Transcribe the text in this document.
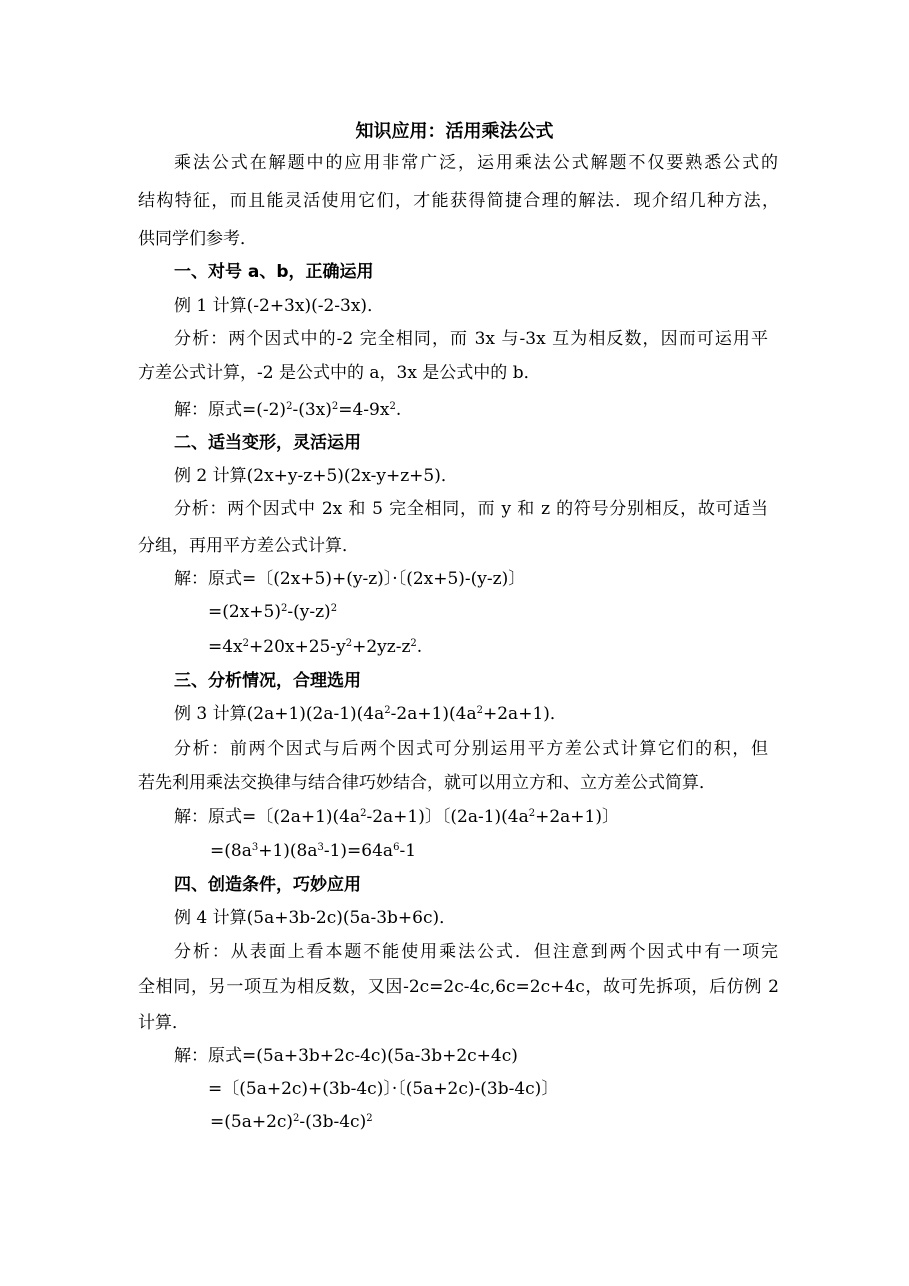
知识应用：活用乘法公式
乘法公式在解题中的应用非常广泛，运用乘法公式解题不仅要熟悉公式的
结构特征，而且能灵活使用它们，才能获得简捷合理的解法．现介绍几种方法，
供同学们参考．
一、对号 a、b，正确运用
例 1 计算(-2+3x)(-2-3x)．
分析：两个因式中的-2 完全相同，而 3x 与-3x 互为相反数，因而可运用平
方差公式计算，-2 是公式中的 a，3x 是公式中的 b．
解：原式$=(-2)^2-(3x)^2=4-9x^2$.
二、适当变形，灵活运用
例 2 计算(2x+y-z+5)(2x-y+z+5)．
分析：两个因式中 2x 和 5 完全相同，而 y 和 z 的符号分别相反，故可适当
分组，再用平方差公式计算．
解：原式=〔(2x+5)+(y-z)〕·〔(2x+5)-(y-z)〕
$=(2x+5)^2-(y-z)^2$
$=4x^2+20x+25-y^2+2yz-z^2$.
三、分析情况，合理选用
例 3 计算$(2a+1)(2a-1)(4a^2-2a+1)(4a^2+2a+1)$．
分析：前两个因式与后两个因式可分别运用平方差公式计算它们的积，但
若先利用乘法交换律与结合律巧妙结合，就可以用立方和、立方差公式简算．
解：原式=〔$(2a+1)(4a^2-2a+1)$〕〔$(2a-1)(4a^2+2a+1)$〕
$=(8a^3+1)(8a^3-1)=64a^6-1$
四、创造条件，巧妙应用
例 4 计算(5a+3b-2c)(5a-3b+6c)．
分析：从表面上看本题不能使用乘法公式．但注意到两个因式中有一项完
全相同，另一项互为相反数，又因-2c=2c-4c,6c=2c+4c，故可先拆项，后仿例 2
计算．
解：原式=(5a+3b+2c-4c)(5a-3b+2c+4c)
=〔(5a+2c)+(3b-4c)〕·〔(5a+2c)-(3b-4c)〕
$=(5a+2c)^2-(3b-4c)^2$
